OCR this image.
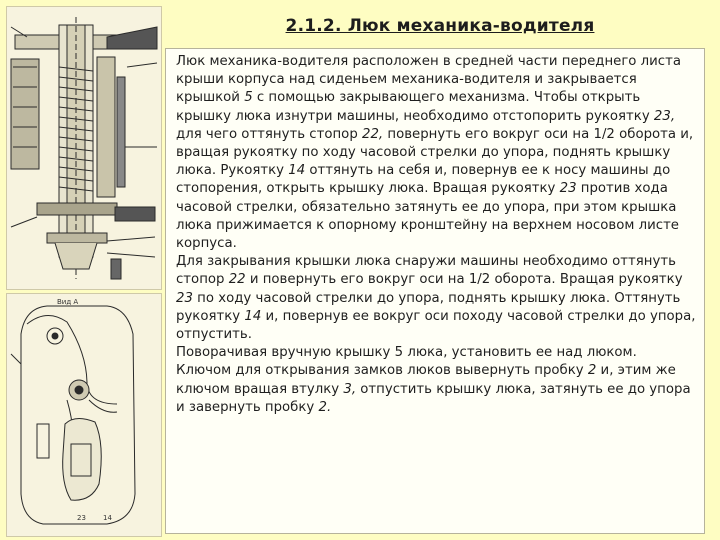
2.1.2. Люк механика-водителя
Вид А
23 14

Люк механика-водителя расположен в средней части переднего листа крыши корпуса над сиденьем механика-водителя и закрывается крышкой 5 с помощью закрывающего механизма. Чтобы открыть крышку люка изнутри машины, необходимо отстопорить рукоятку 23, для чего оттянуть стопор 22, повернуть его вокруг оси на 1/2 оборота и, вращая рукоятку по ходу часовой стрелки до упора, поднять крышку люка. Рукоятку 14 оттянуть на себя и, повернув ее к носу машины до стопорения, открыть крышку люка. Вращая рукоятку 23 против хода часовой стрелки, обязательно затянуть ее до упора, при этом крышка люка прижимается к опорному кронштейну на верхнем носовом листе корпуса.

Для закрывания крышки люка снаружи машины необходимо оттянуть стопор 22 и повернуть его вокруг оси на 1/2 оборота. Вращая рукоятку 23 по ходу часовой стрелки до упора, поднять крышку люка. Оттянуть рукоятку 14 и, повернув ее вокруг оси походу часовой стрелки до упора, отпустить.

Поворачивая вручную крышку 5 люка, установить ее над люком. Ключом для открывания замков люков вывернуть пробку 2 и, этим же ключом вращая втулку 3, отпустить крышку люка, затянуть ее до упора и завернуть пробку 2.
